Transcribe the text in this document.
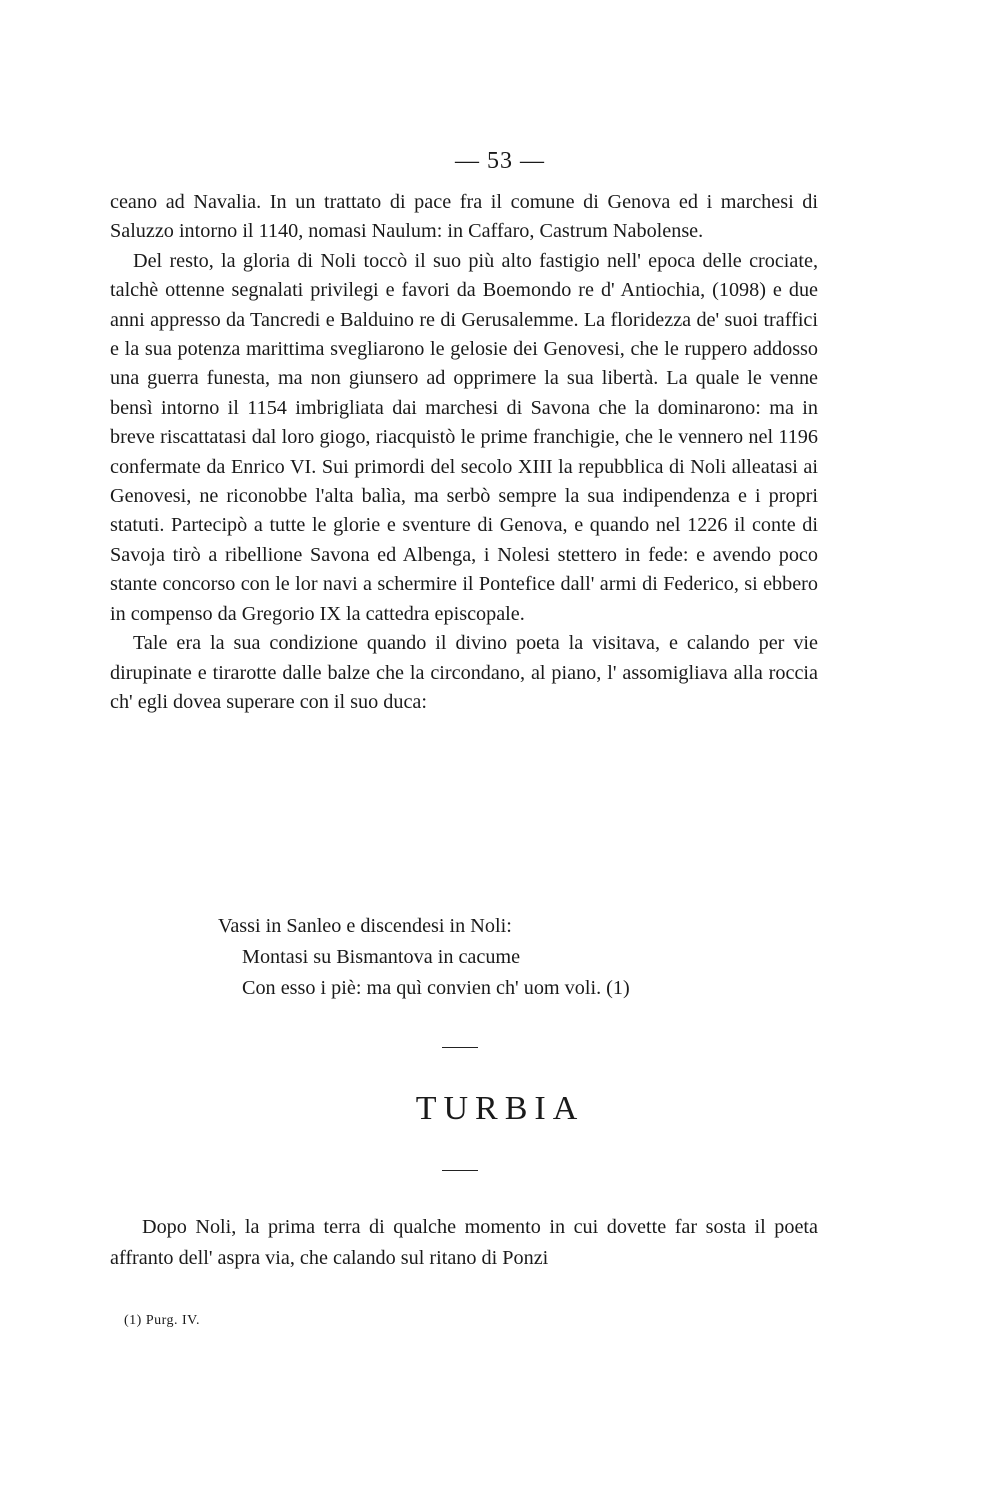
— 53 —

ceano ad Navalia. In un trattato di pace fra il comune di Genova ed i marchesi di Saluzzo intorno il 1140, nomasi Naulum: in Caffaro, Castrum Nabolense.

Del resto, la gloria di Noli toccò il suo più alto fastigio nell' epoca delle crociate, talchè ottenne segnalati privilegi e favori da Boemondo re d' Antiochia, (1098) e due anni appresso da Tancredi e Balduino re di Gerusalemme. La floridezza de' suoi traffici e la sua potenza marittima svegliarono le gelosie dei Genovesi, che le ruppero addosso una guerra funesta, ma non giunsero ad opprimere la sua libertà. La quale le venne bensì intorno il 1154 imbrigliata dai marchesi di Savona che la dominarono: ma in breve riscattatasi dal loro giogo, riacquistò le prime franchigie, che le vennero nel 1196 confermate da Enrico VI. Sui primordi del secolo XIII la repubblica di Noli alleatasi ai Genovesi, ne riconobbe l'alta balìa, ma serbò sempre la sua indipendenza e i propri statuti. Partecipò a tutte le glorie e sventure di Genova, e quando nel 1226 il conte di Savoja tirò a ribellione Savona ed Albenga, i Nolesi stettero in fede: e avendo poco stante concorso con le lor navi a schermire il Pontefice dall' armi di Federico, si ebbero in compenso da Gregorio IX la cattedra episcopale.

Tale era la sua condizione quando il divino poeta la visitava, e calando per vie dirupinate e tirarotte dalle balze che la circondano, al piano, l' assomigliava alla roccia ch' egli dovea superare con il suo duca:

Vassi in Sanleo e discendesi in Noli:
Montasi su Bismantova in cacume
Con esso i piè: ma quì convien ch' uom voli. (1)
TURBIA

Dopo Noli, la prima terra di qualche momento in cui dovette far sosta il poeta affranto dell' aspra via, che calando sul ritano di Ponzi

(1) Purg. IV.
